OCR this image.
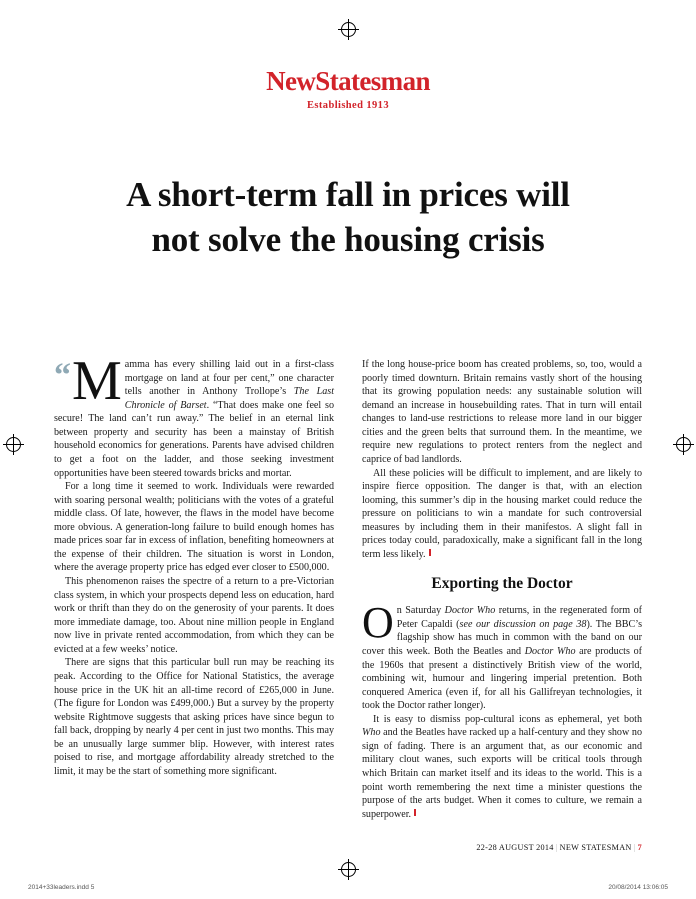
NewStatesman
Established 1913
A short-term fall in prices will
not solve the housing crisis

“ M amma has every shilling laid out in a first-class mortgage on land at four per cent,” one character tells another in Anthony Trollope’s The Last Chronicle of Barset. “That does make one feel so secure! The land can’t run away.” The belief in an eternal link between property and security has been a mainstay of British household economics for generations. Parents have advised children to get a foot on the ladder, and those seeking investment opportunities have been steered towards bricks and mortar.

For a long time it seemed to work. Individuals were rewarded with soaring personal wealth; politicians with the votes of a grateful middle class. Of late, however, the flaws in the model have become more obvious. A generation-long failure to build enough homes has made prices soar far in excess of inflation, benefiting homeowners at the expense of their children. The situation is worst in London, where the average property price has edged ever closer to £500,000.

This phenomenon raises the spectre of a return to a pre-Victorian class system, in which your prospects depend less on education, hard work or thrift than they do on the generosity of your parents. It does more immediate damage, too. About nine million people in England now live in private rented accommodation, from which they can be evicted at a few weeks’ notice.

There are signs that this particular bull run may be reaching its peak. According to the Office for National Statistics, the average house price in the UK hit an all-time record of £265,000 in June. (The figure for London was £499,000.) But a survey by the property website Rightmove suggests that asking prices have since begun to fall back, dropping by nearly 4 per cent in just two months. This may be an unusually large summer blip. However, with interest rates poised to rise, and mortgage affordability already stretched to the limit, it may be the start of something more significant.

If the long house-price boom has created problems, so, too, would a poorly timed downturn. Britain remains vastly short of the housing that its growing population needs: any sustainable solution will demand an increase in housebuilding rates. That in turn will entail changes to land-use restrictions to release more land in our bigger cities and the green belts that surround them. In the meantime, we require new regulations to protect renters from the neglect and caprice of bad landlords.

All these policies will be difficult to implement, and are likely to inspire fierce opposition. The danger is that, with an election looming, this summer’s dip in the housing market could reduce the pressure on politicians to win a mandate for such controversial measures by including them in their manifestos. A slight fall in prices today could, paradoxically, make a significant fall in the long term less likely.

Exporting the Doctor

On Saturday Doctor Who returns, in the regenerated form of Peter Capaldi (see our discussion on page 38). The BBC’s flagship show has much in common with the band on our cover this week. Both the Beatles and Doctor Who are products of the 1960s that present a distinctively British view of the world, combining wit, humour and lingering imperial pretention. Both conquered America (even if, for all his Gallifreyan technologies, it took the Doctor rather longer).

It is easy to dismiss pop-cultural icons as ephemeral, yet both Who and the Beatles have racked up a half-century and they show no sign of fading. There is an argument that, as our economic and military clout wanes, such exports will be critical tools through which Britain can market itself and its ideas to the world. This is a point worth remembering the next time a minister questions the purpose of the arts budget. When it comes to culture, we remain a superpower.

22-28 AUGUST 2014 | NEW STATESMAN | 7
2014+33leaders.indd 5	20/08/2014 13:06:05
